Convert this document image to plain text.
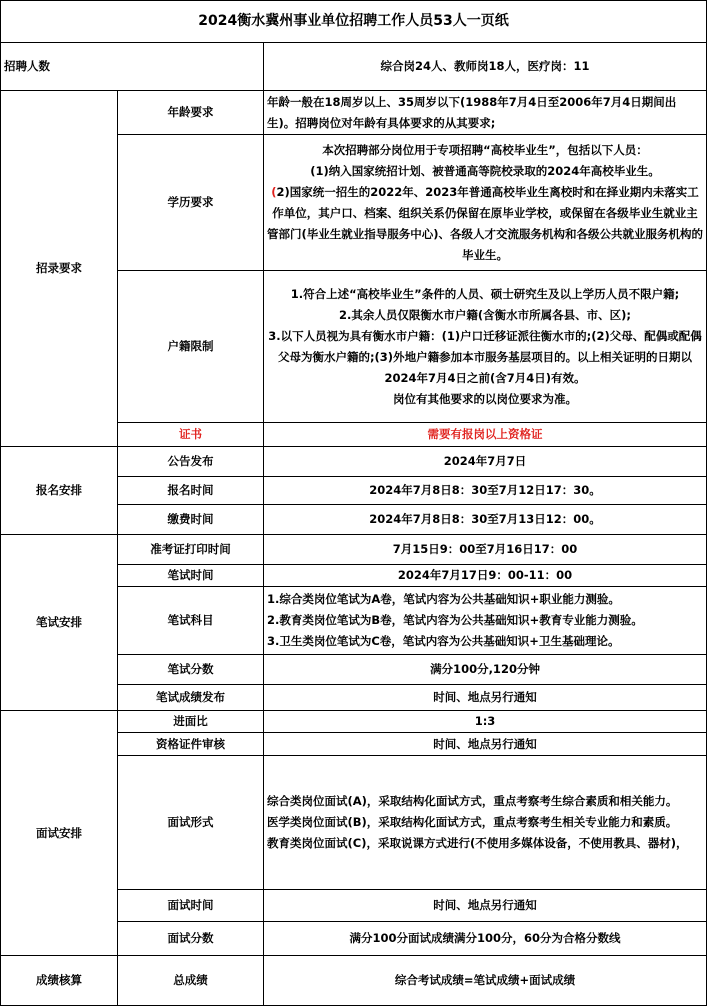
2024衡水冀州事业单位招聘工作人员53人一页纸		
招聘人数		综合岗24人、教师岗18人，医疗岗：11
招录要求	年龄要求	年龄一般在18周岁以上、35周岁以下(1988年7月4日至2006年7月4日期间出生)。招聘岗位对年龄有具体要求的从其要求;
	学历要求	本次招聘部分岗位用于专项招聘“高校毕业生”，包括以下人员：
(1)纳入国家统招计划、被普通高等院校录取的2024年高校毕业生。
(2)国家统一招生的2022年、2023年普通高校毕业生离校时和在择业期内未落实工作单位，其户口、档案、组织关系仍保留在原毕业学校，或保留在各级毕业生就业主管部门(毕业生就业指导服务中心)、各级人才交流服务机构和各级公共就业服务机构的毕业生。

	户籍限制	1.符合上述“高校毕业生”条件的人员、硕士研究生及以上学历人员不限户籍;
2.其余人员仅限衡水市户籍(含衡水市所属各县、市、区);
3.以下人员视为具有衡水市户籍：(1)户口迁移证派往衡水市的;(2)父母、配偶或配偶父母为衡水户籍的;(3)外地户籍参加本市服务基层项目的。以上相关证明的日期以2024年7月4日之前(含7月4日)有效。
岗位有其他要求的以岗位要求为准。

	证书	需要有报岗以上资格证
报名安排	公告发布	2024年7月7日
	报名时间	2024年7月8日8：30至7月12日17：30。
	缴费时间	2024年7月8日8：30至7月13日12：00。
笔试安排	准考证打印时间	7月15日9：00至7月16日17：00
	笔试时间	2024年7月17日9：00-11：00
	笔试科目	1.综合类岗位笔试为A卷，笔试内容为公共基础知识+职业能力测验。
2.教育类岗位笔试为B卷，笔试内容为公共基础知识+教育专业能力测验。
3.卫生类岗位笔试为C卷，笔试内容为公共基础知识+卫生基础理论。

	笔试分数	满分100分,120分钟
	笔试成绩发布	时间、地点另行通知
面试安排	进面比	1:3
	资格证件审核	时间、地点另行通知
	面试形式	综合类岗位面试(A)，采取结构化面试方式，重点考察考生综合素质和相关能力。
医学类岗位面试(B)，采取结构化面试方式，重点考察考生相关专业能力和素质。
教育类岗位面试(C)，采取说课方式进行(不使用多媒体设备，不使用教具、器材)，

	面试时间	时间、地点另行通知
	面试分数	满分100分面试成绩满分100分，60分为合格分数线
成绩核算	总成绩	综合考试成绩=笔试成绩+面试成绩
